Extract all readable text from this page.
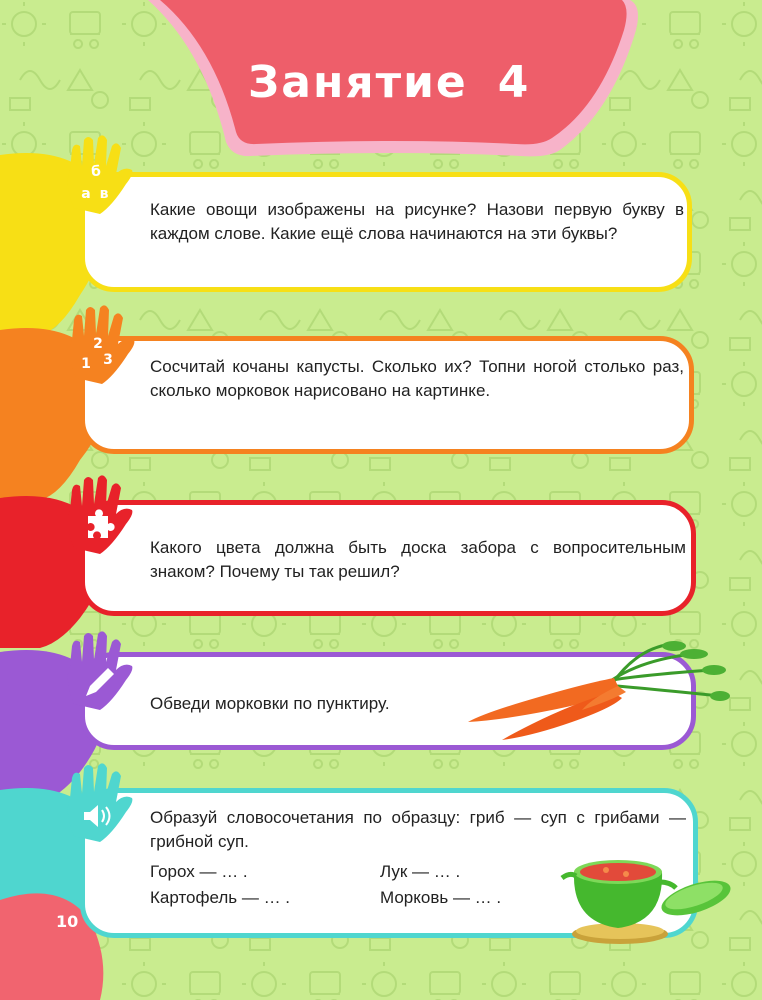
Занятие 4
Какие овощи изображены на рисунке? Назови первую букву в каждом слове. Какие ещё слова начинаются на эти буквы?
б
а в
Сосчитай кочаны капусты. Сколько их? Топни ногой столько раз, сколько морковок нарисовано на картинке.
2
1 3
Какого цвета должна быть доска забора с вопросительным знаком? Почему ты так решил?
Обведи морковки по пунктиру.
Образуй словосочетания по образцу: гриб — суп с грибами — грибной суп.
Горох — … .	Лук — … .
Картофель — … .	Морковь — … .
10
